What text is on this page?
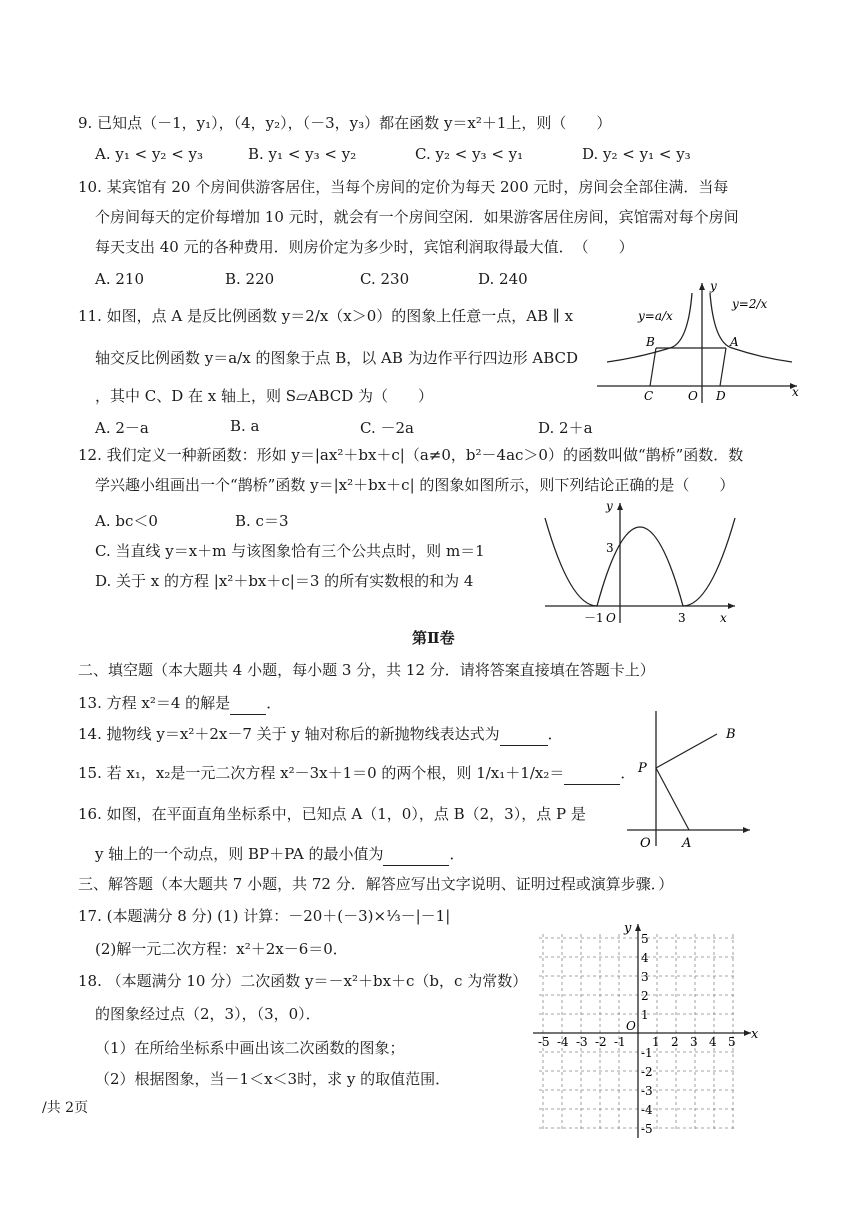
9. 已知点（－1，y₁），（4，y₂），（－3，y₃）都在函数 y＝x²＋1上，则（　　）
A. y₁ < y₂ < y₃	B. y₁ < y₃ < y₂	C. y₂ < y₃ < y₁	D. y₂ < y₁ < y₃
10. 某宾馆有 20 个房间供游客居住，当每个房间的定价为每天 200 元时，房间会全部住满．当每
个房间每天的定价每增加 10 元时，就会有一个房间空闲．如果游客居住房间，宾馆需对每个房间
每天支出 40 元的各种费用．则房价定为多少时，宾馆利润取得最大值．　（　　）
A. 210	B. 220	C. 230	D. 240
11. 如图，点 A 是反比例函数 y＝2/x（x＞0）的图象上任意一点，AB ∥ x
轴交反比例函数 y＝a/x 的图象于点 B，以 AB 为边作平行四边形 ABCD
，其中 C、D 在 x 轴上，则 S▱ABCD 为（　　）
A. 2－a	B. a	C. －2a	D. 2＋a
y
x
O
A
B
C	D
y=a/x
y=2/x
12. 我们定义一种新函数：形如 y＝|ax²＋bx＋c|（a≠0，b²－4ac＞0）的函数叫做“鹊桥”函数．数
学兴趣小组画出一个“鹊桥”函数 y＝|x²＋bx＋c| 的图象如图所示，则下列结论正确的是（　　）
A. bc＜0	B. c＝3
C. 当直线 y＝x＋m 与该图象恰有三个公共点时，则 m＝1
D. 关于 x 的方程 |x²＋bx＋c|＝3 的所有实数根的和为 4
y
x
3
－1 O	3
第Ⅱ卷
二、填空题（本大题共 4 小题，每小题 3 分，共 12 分．请将答案直接填在答题卡上）
13. 方程 x²＝4 的解是 ．
14. 抛物线 y＝x²＋2x－7 关于 y 轴对称后的新抛物线表达式为	．
15. 若 x₁，x₂是一元二次方程 x²－3x＋1＝0 的两个根，则 1/x₁＋1/x₂＝	．
16. 如图，在平面直角坐标系中，已知点 A（1，0），点 B（2，3），点 P 是
y 轴上的一个动点，则 BP＋PA 的最小值为	．
B
P
O A
三、解答题（本大题共 7 小题，共 72 分．解答应写出文字说明、证明过程或演算步骤．）
17. (本题满分 8 分) (1) 计算：－20＋(－3)×⅓－|－1|
(2)解一元二次方程：x²＋2x－6＝0．
18. （本题满分 10 分）二次函数 y＝－x²＋bx＋c（b，c 为常数）
的图象经过点（2，3），（3，0）．
（1）在所给坐标系中画出该二次函数的图象；
（2）根据图象，当－1＜x＜3时，求 y 的取值范围．
-5 -4 -3 -2 -1 1 2 3 4 5
5
4
3
2
1
-1
-2
-3
-4
-5
x
y
O
/共 2页
